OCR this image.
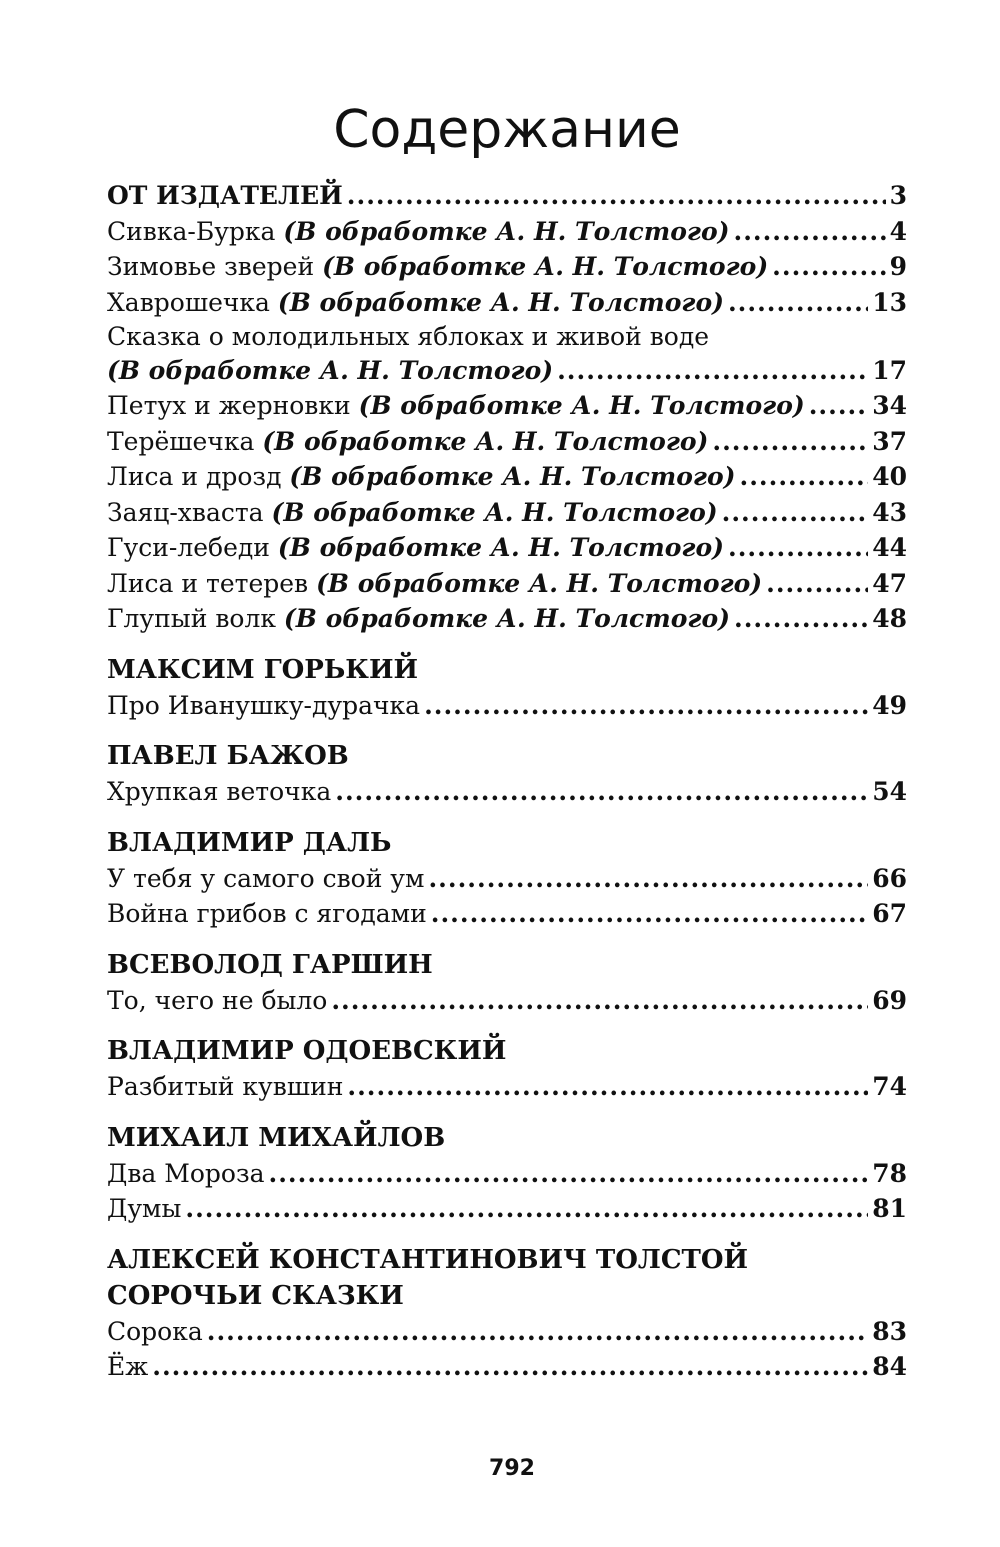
Содержание
ОТ ИЗДАТЕЛЕЙ .....	3
Сивка-Бурка (В обработке А. Н. Толстого) .....	4
Зимовье зверей (В обработке А. Н. Толстого) .....	9
Хаврошечка (В обработке А. Н. Толстого) .....	13
Сказка о молодильных яблоках и живой воде
(В обработке А. Н. Толстого) .....	17
Петух и жерновки (В обработке А. Н. Толстого) .....	34
Терёшечка (В обработке А. Н. Толстого) .....	37
Лиса и дрозд (В обработке А. Н. Толстого) .....	40
Заяц-хваста (В обработке А. Н. Толстого) .....	43
Гуси-лебеди (В обработке А. Н. Толстого) .....	44
Лиса и тетерев (В обработке А. Н. Толстого) .....	47
Глупый волк (В обработке А. Н. Толстого) .....	48
МАКСИМ ГОРЬКИЙ
Про Иванушку-дурачка .....	49
ПАВЕЛ БАЖОВ
Хрупкая веточка .....	54
ВЛАДИМИР ДАЛЬ
У тебя у самого свой ум .....	66
Война грибов с ягодами .....	67
ВСЕВОЛОД ГАРШИН
То, чего не было .....	69
ВЛАДИМИР ОДОЕВСКИЙ
Разбитый кувшин .....	74
МИХАИЛ МИХАЙЛОВ
Два Мороза .....	78
Думы .....	81
АЛЕКСЕЙ КОНСТАНТИНОВИЧ ТОЛСТОЙ
СОРОЧЬИ СКАЗКИ
Сорока .....	83
Ёж .....	84
792
